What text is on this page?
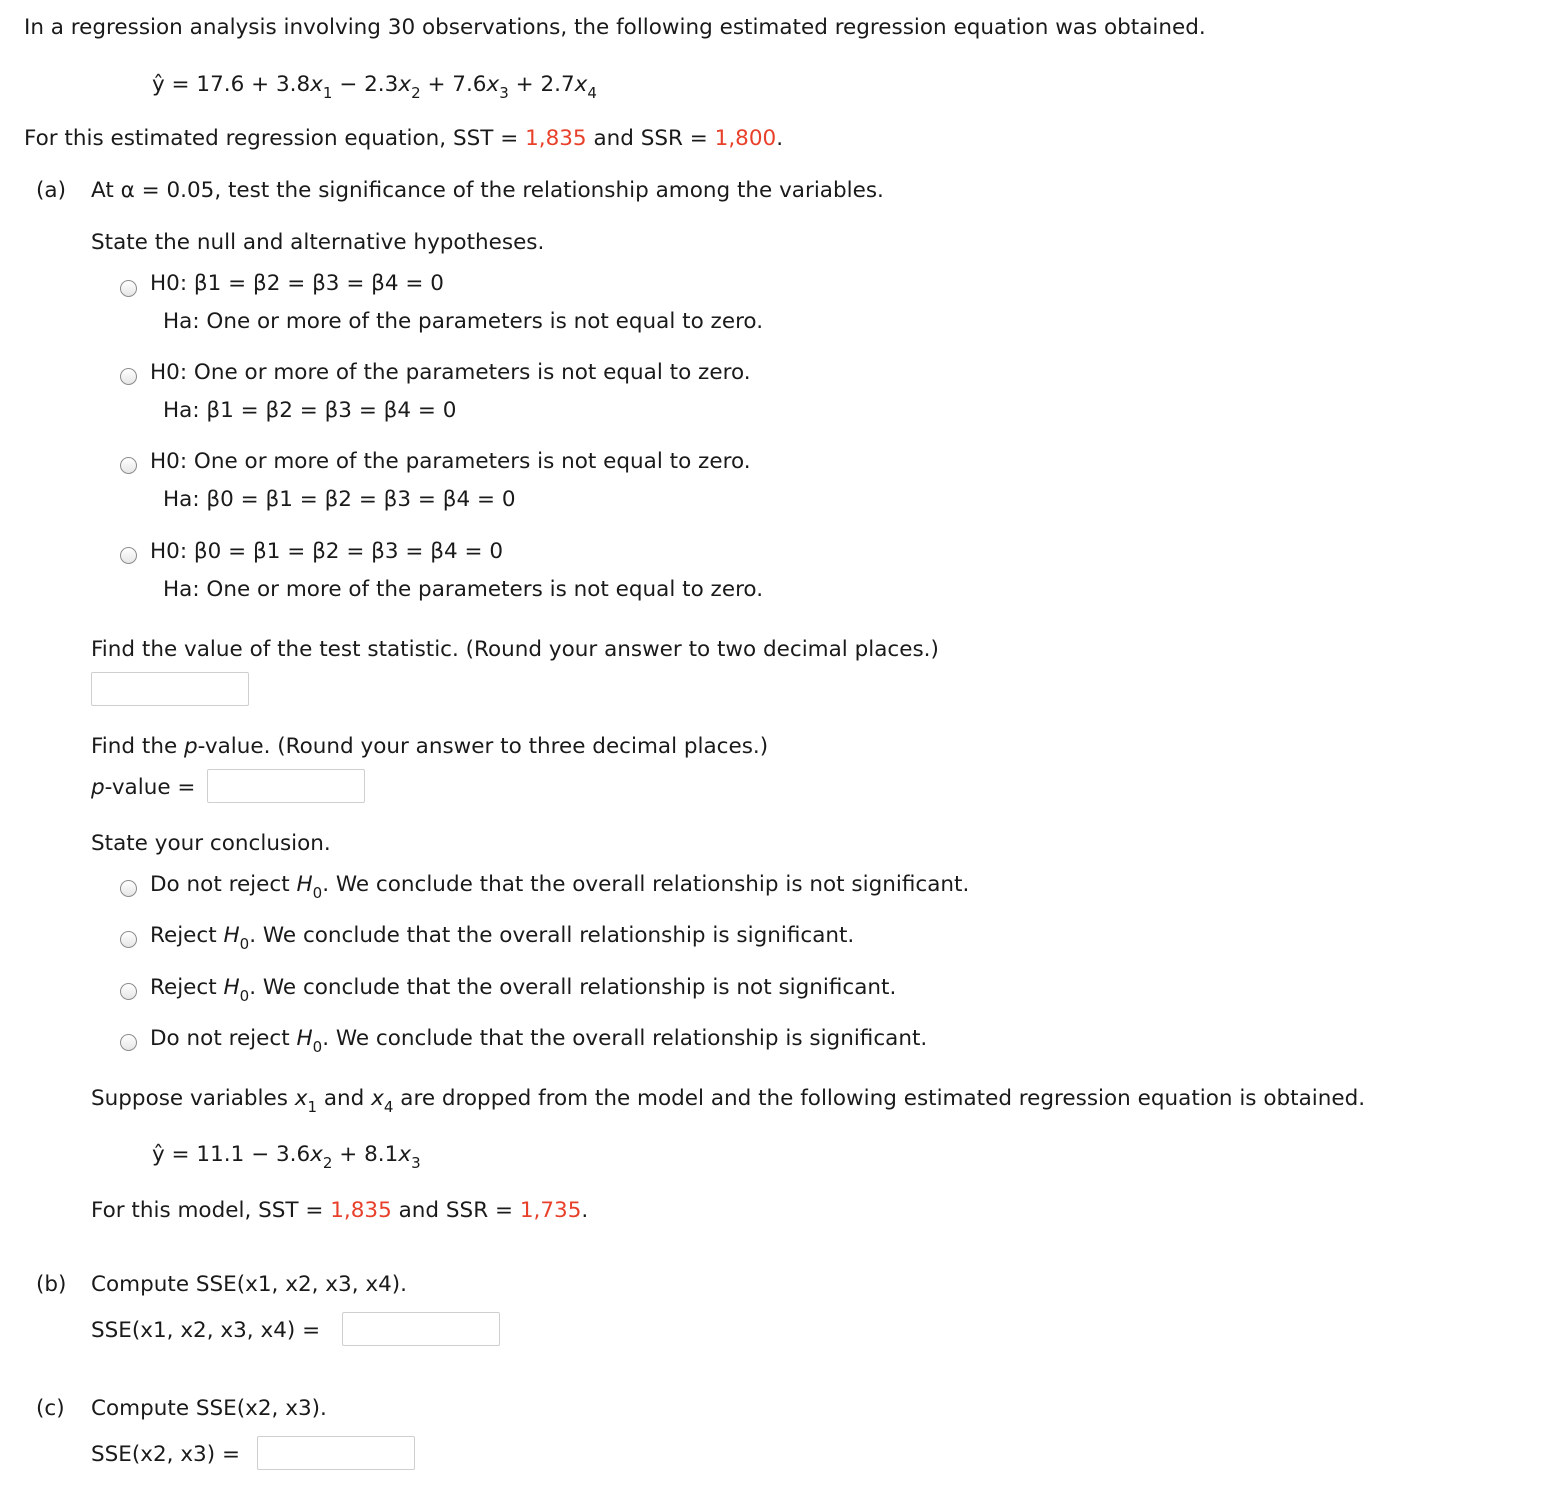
In a regression analysis involving 30 observations, the following estimated regression equation was obtained.
ŷ = $17.6 + 3.8x_1 - 2.3x_2 + 7.6x_3 + 2.7x_4$
For this estimated regression equation, SST = 1,835 and SSR = 1,800.
(a) At α = 0.05, test the significance of the relationship among the variables.
State the null and alternative hypotheses.
H0: β1 = β2 = β3 = β4 = 0
Ha: One or more of the parameters is not equal to zero.
H0: One or more of the parameters is not equal to zero.
Ha: β1 = β2 = β3 = β4 = 0
H0: One or more of the parameters is not equal to zero.
Ha: β0 = β1 = β2 = β3 = β4 = 0
H0: β0 = β1 = β2 = β3 = β4 = 0
Ha: One or more of the parameters is not equal to zero.
Find the value of the test statistic. (Round your answer to two decimal places.)
Find the p-value. (Round your answer to three decimal places.)
p-value =
State your conclusion.
Do not reject $H_0$. We conclude that the overall relationship is not significant.
Reject $H_0$. We conclude that the overall relationship is significant.
Reject $H_0$. We conclude that the overall relationship is not significant.
Do not reject $H_0$. We conclude that the overall relationship is significant.
Suppose variables $x_1$ and $x_4$ are dropped from the model and the following estimated regression equation is obtained.
ŷ = $11.1 - 3.6x_2 + 8.1x_3$
For this model, SST = 1,835 and SSR = 1,735.
(b) Compute SSE(x1, x2, x3, x4).
SSE(x1, x2, x3, x4) =
(c) Compute SSE(x2, x3).
SSE(x2, x3) =
